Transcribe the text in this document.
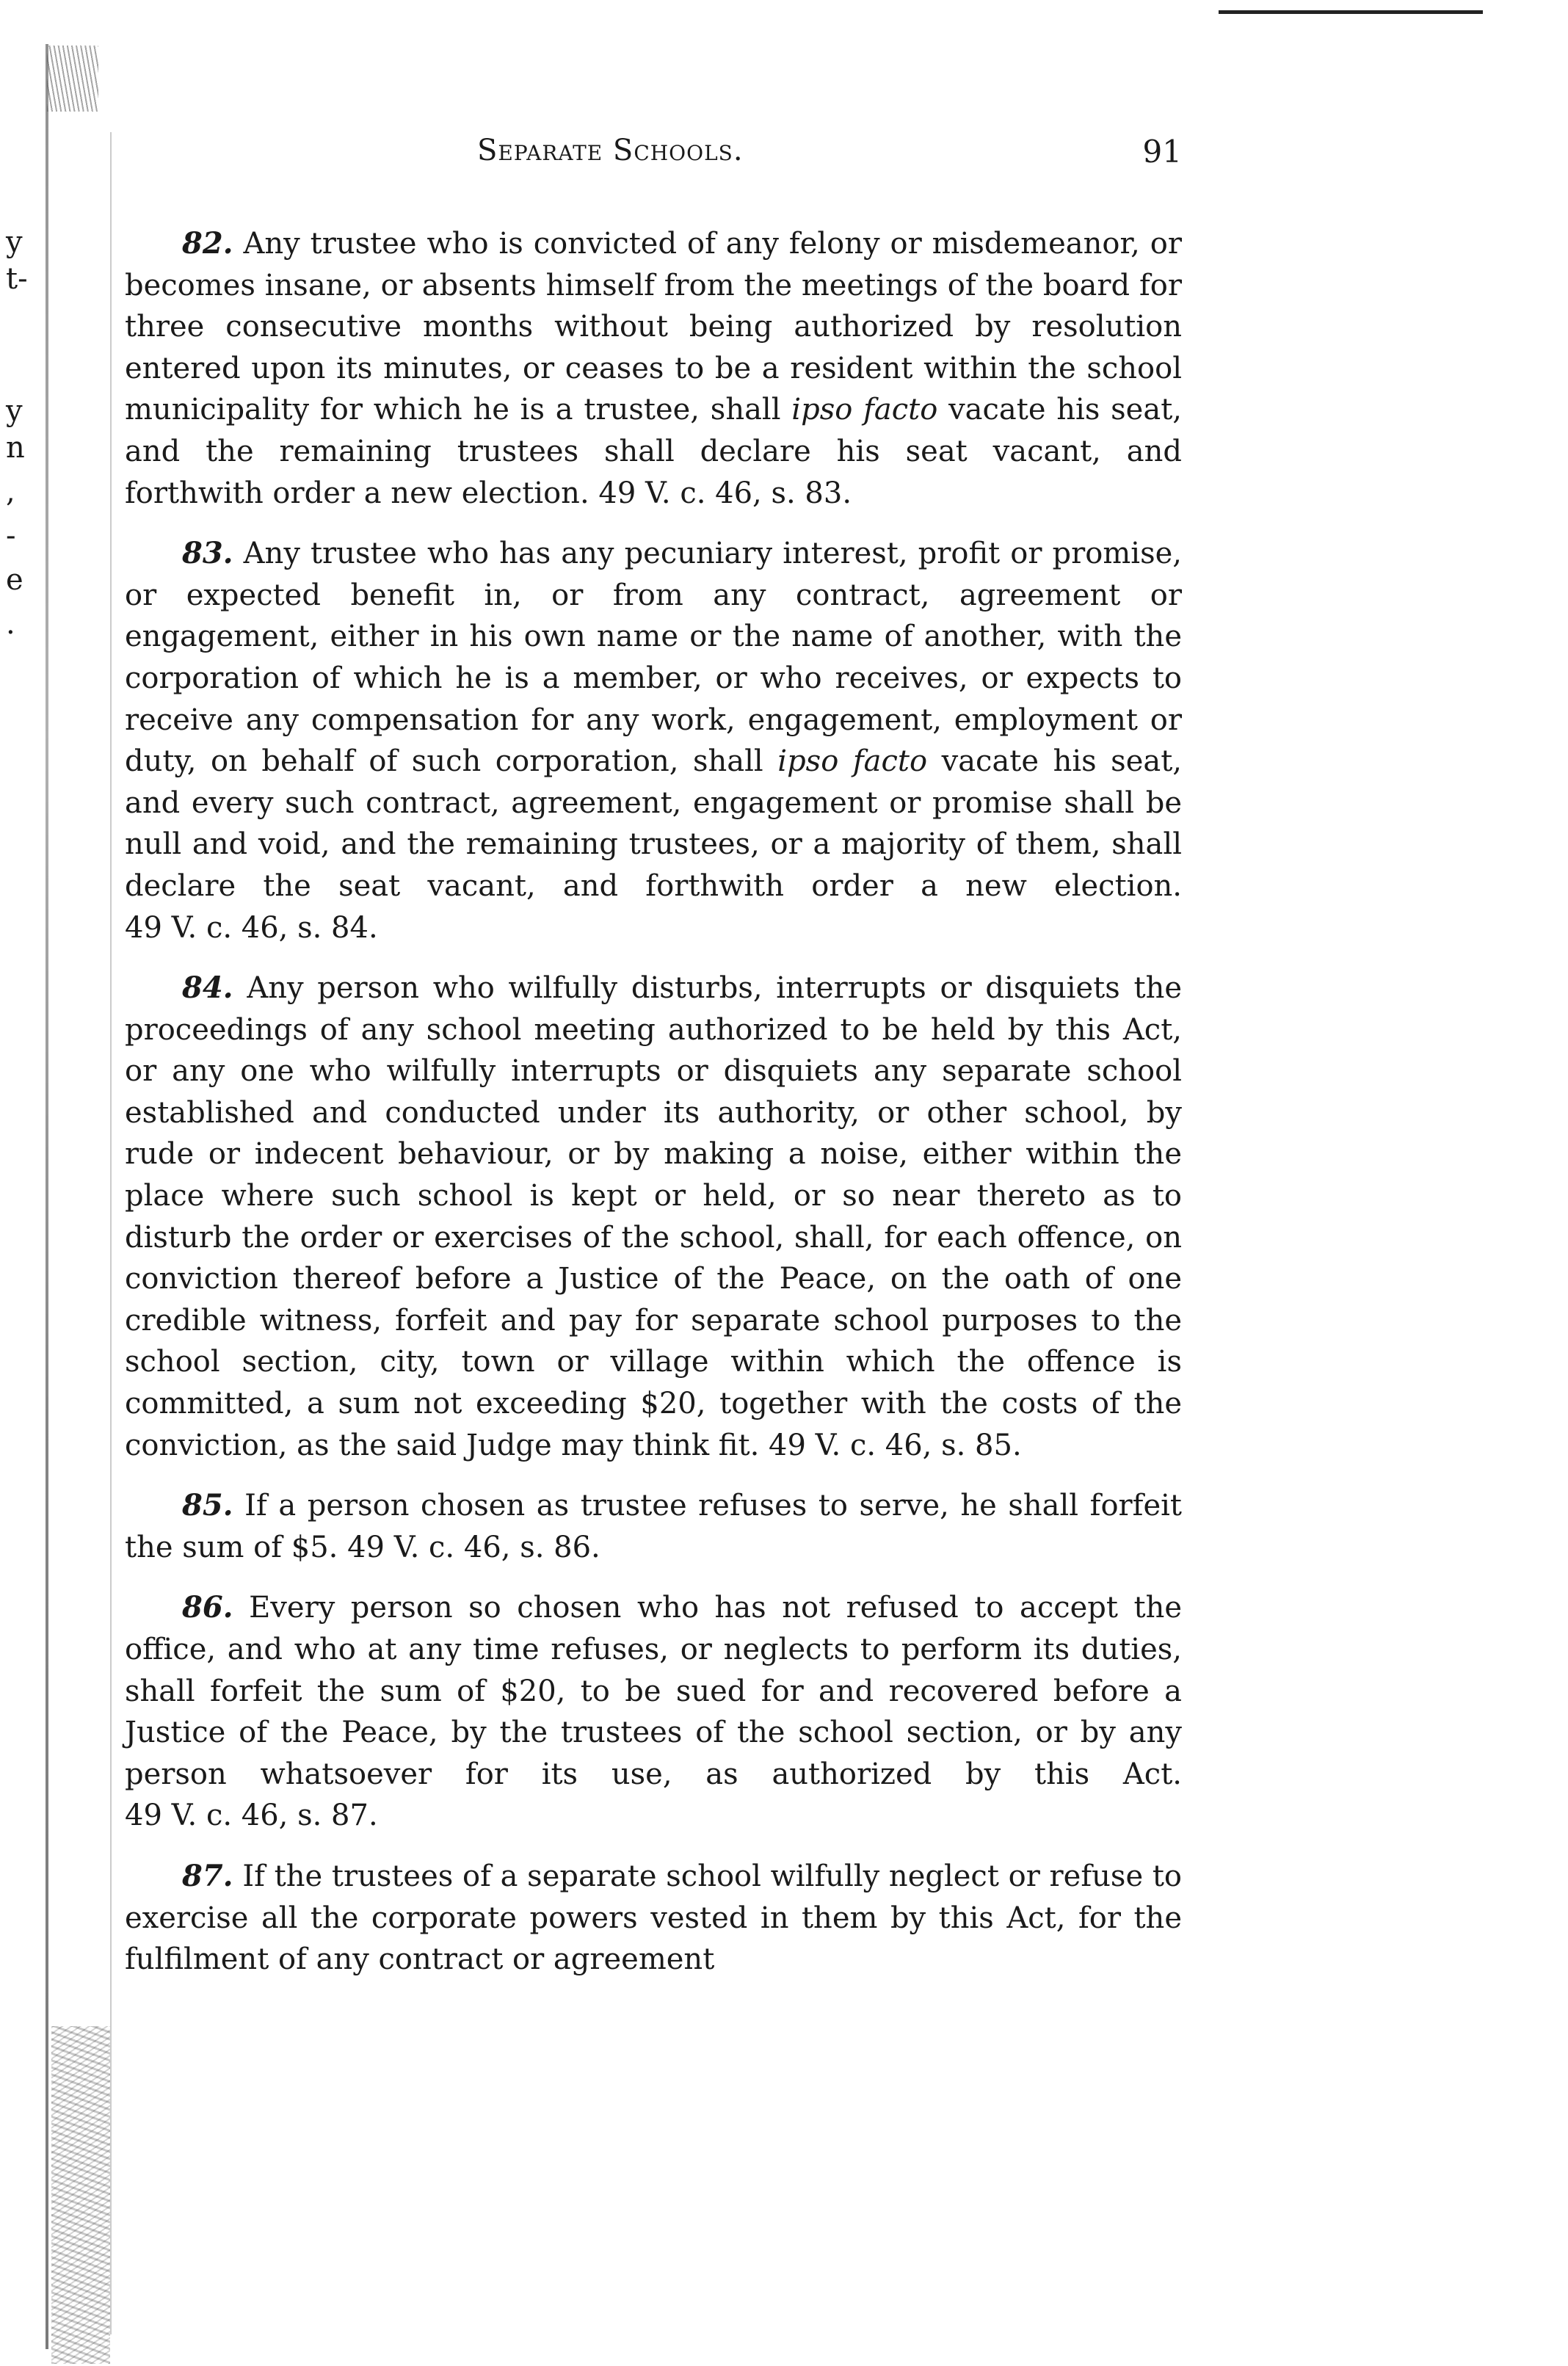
y
t-
y
n
,
-
e
.
Separate Schools.	91

82. Any trustee who is convicted of any felony or misdemeanor, or becomes insane, or absents himself from the meetings of the board for three consecutive months without being authorized by resolution entered upon its minutes, or ceases to be a resident within the school municipality for which he is a trustee, shall ipso facto vacate his seat, and the remaining trustees shall declare his seat vacant, and forthwith order a new election. 49 V. c. 46, s. 83.

83. Any trustee who has any pecuniary interest, profit or promise, or expected benefit in, or from any contract, agreement or engagement, either in his own name or the name of another, with the corporation of which he is a member, or who receives, or expects to receive any compensation for any work, engagement, employment or duty, on behalf of such corporation, shall ipso facto vacate his seat, and every such contract, agreement, engagement or promise shall be null and void, and the remaining trustees, or a majority of them, shall declare the seat vacant, and forthwith order a new election. 49 V. c. 46, s. 84.

84. Any person who wilfully disturbs, interrupts or disquiets the proceedings of any school meeting authorized to be held by this Act, or any one who wilfully interrupts or disquiets any separate school established and conducted under its authority, or other school, by rude or indecent behaviour, or by making a noise, either within the place where such school is kept or held, or so near thereto as to disturb the order or exercises of the school, shall, for each offence, on conviction thereof before a Justice of the Peace, on the oath of one credible witness, forfeit and pay for separate school purposes to the school section, city, town or village within which the offence is committed, a sum not exceeding $20, together with the costs of the conviction, as the said Judge may think fit. 49 V. c. 46, s. 85.

85. If a person chosen as trustee refuses to serve, he shall forfeit the sum of $5. 49 V. c. 46, s. 86.

86. Every person so chosen who has not refused to accept the office, and who at any time refuses, or neglects to perform its duties, shall forfeit the sum of $20, to be sued for and recovered before a Justice of the Peace, by the trustees of the school section, or by any person whatsoever for its use, as authorized by this Act. 49 V. c. 46, s. 87.

87. If the trustees of a separate school wilfully neglect or refuse to exercise all the corporate powers vested in them by this Act, for the fulfilment of any contract or agreement
